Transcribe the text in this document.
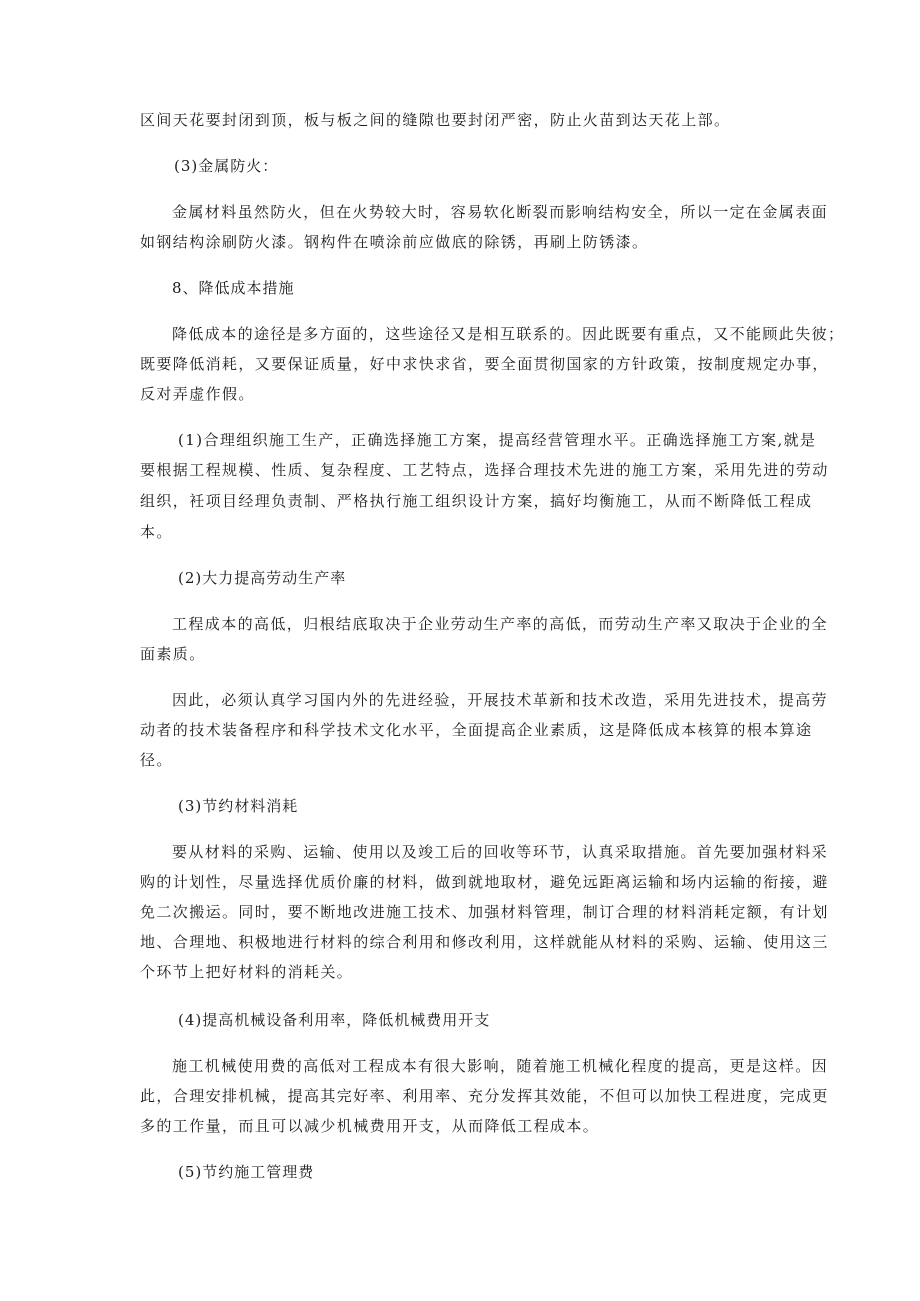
区间天花要封闭到顶，板与板之间的缝隙也要封闭严密，防止火苗到达天花上部。
(3)金属防火：
金属材料虽然防火，但在火势较大时，容易软化断裂而影响结构安全，所以一定在金属表面
如钢结构涂刷防火漆。钢构件在喷涂前应做底的除锈，再刷上防锈漆。
8、降低成本措施
降低成本的途径是多方面的，这些途径又是相互联系的。因此既要有重点，又不能顾此失彼；
既要降低消耗，又要保证质量，好中求快求省，要全面贯彻国家的方针政策，按制度规定办事，
反对弄虚作假。
(1)合理组织施工生产，正确选择施工方案，提高经营管理水平。正确选择施工方案,就是
要根据工程规模、性质、复杂程度、工艺特点，选择合理技术先进的施工方案，采用先进的劳动
组织，衽项目经理负责制、严格执行施工组织设计方案，搞好均衡施工，从而不断降低工程成
本。
(2)大力提高劳动生产率
工程成本的高低，归根结底取决于企业劳动生产率的高低，而劳动生产率又取决于企业的全
面素质。
因此，必须认真学习国内外的先进经验，开展技术革新和技术改造，采用先进技术，提高劳
动者的技术装备程序和科学技术文化水平，全面提高企业素质，这是降低成本核算的根本算途
径。
(3)节约材料消耗
要从材料的采购、运输、使用以及竣工后的回收等环节，认真采取措施。首先要加强材料采
购的计划性，尽量选择优质价廉的材料，做到就地取材，避免远距离运输和场内运输的衔接，避
免二次搬运。同时，要不断地改进施工技术、加强材料管理，制订合理的材料消耗定额，有计划
地、合理地、积极地进行材料的综合利用和修改利用，这样就能从材料的采购、运输、使用这三
个环节上把好材料的消耗关。
(4)提高机械设备利用率，降低机械费用开支
施工机械使用费的高低对工程成本有很大影响，随着施工机械化程度的提高，更是这样。因
此，合理安排机械，提高其完好率、利用率、充分发挥其效能，不但可以加快工程进度，完成更
多的工作量，而且可以减少机械费用开支，从而降低工程成本。
(5)节约施工管理费
